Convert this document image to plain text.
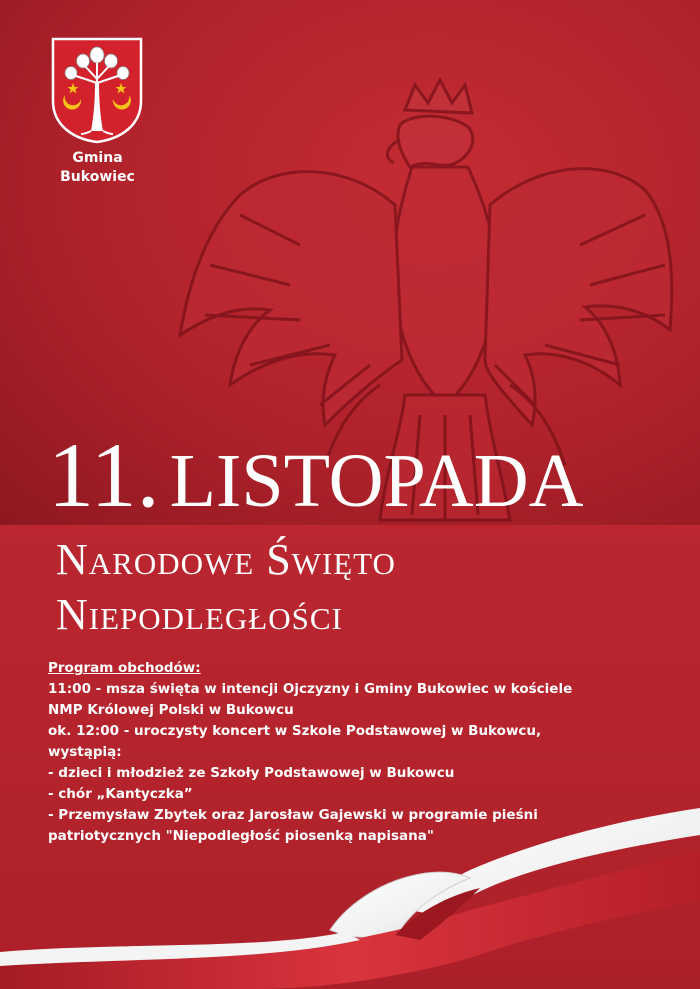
Gmina
Bukowiec
11. LISTOPADA
Narodowe Święto
Niepodległości
Program obchodów:
11:00 - msza święta w intencji Ojczyzny i Gminy Bukowiec w kościele
NMP Królowej Polski w Bukowcu
ok. 12:00 - uroczysty koncert w Szkole Podstawowej w Bukowcu,
wystąpią:
- dzieci i młodzież ze Szkoły Podstawowej w Bukowcu
- chór „Kantyczka”
- Przemysław Zbytek oraz Jarosław Gajewski w programie pieśni
patriotycznych "Niepodległość piosenką napisana"
